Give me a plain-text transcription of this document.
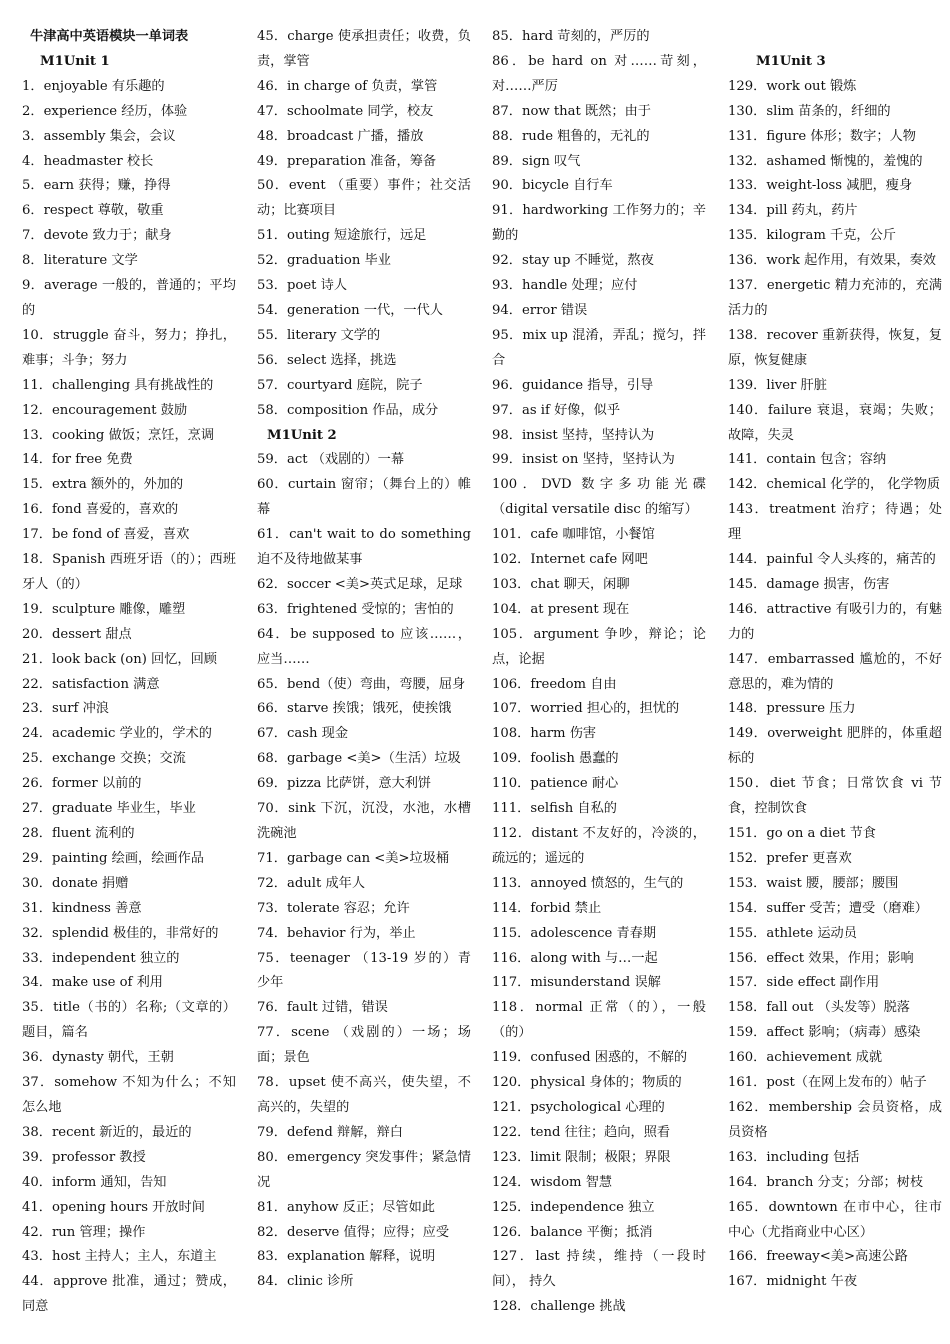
牛津高中英语模块一单词表
M1Unit 1
1．enjoyable 有乐趣的
2．experience 经历，体验
3．assembly 集会，会议
4．headmaster 校长
5．earn 获得；赚，挣得
6．respect 尊敬，敬重
7．devote 致力于；献身
8．literature 文学
9．average 一般的，普通的；平均的
10．struggle 奋斗，努力；挣扎，难事；斗争；努力
11．challenging 具有挑战性的
12．encouragement 鼓励
13．cooking 做饭；烹饪，烹调
14．for free 免费
15．extra 额外的，外加的
16．fond 喜爱的，喜欢的
17．be fond of 喜爱，喜欢
18．Spanish 西班牙语（的）；西班牙人（的）
19．sculpture 雕像，雕塑
20．dessert 甜点
21．look back (on) 回忆，回顾
22．satisfaction 满意
23．surf 冲浪
24．academic 学业的，学术的
25．exchange 交换；交流
26．former 以前的
27．graduate 毕业生，毕业
28．fluent 流利的
29．painting 绘画，绘画作品
30．donate 捐赠
31．kindness 善意
32．splendid 极佳的，非常好的
33．independent 独立的
34．make use of 利用
35．title（书的）名称;（文章的）题目，篇名
36．dynasty 朝代，王朝
37．somehow 不知为什么；不知怎么地
38．recent 新近的，最近的
39．professor 教授
40．inform 通知，告知
41．opening hours 开放时间
42．run 管理；操作
43．host 主持人；主人，东道主
44．approve 批准，通过；赞成，同意
45．charge 使承担责任；收费，负责，掌管
46．in charge of 负责，掌管
47．schoolmate 同学，校友
48．broadcast 广播，播放
49．preparation 准备，筹备
50．event （重要）事件；社交活动；比赛项目
51．outing 短途旅行，远足
52．graduation 毕业
53．poet 诗人
54．generation 一代，一代人
55．literary 文学的
56．select 选择，挑选
57．courtyard 庭院，院子
58．composition 作品，成分
M1Unit 2
59．act （戏剧的）一幕
60．curtain 窗帘；（舞台上的）帷幕
61．can't wait to do something 迫不及待地做某事
62．soccer <美>英式足球，足球
63．frightened 受惊的；害怕的
64．be supposed to 应该……，应当……
65．bend（使）弯曲，弯腰，屈身
66．starve 挨饿；饿死，使挨饿
67．cash 现金
68．garbage <美>（生活）垃圾
69．pizza 比萨饼，意大利饼
70．sink 下沉，沉没，水池，水槽洗碗池
71．garbage can <美>垃圾桶
72．adult 成年人
73．tolerate 容忍；允许
74．behavior 行为，举止
75．teenager （13-19 岁的）青少年
76．fault 过错，错误
77．scene （戏剧的）一场；场面；景色
78．upset 使不高兴，使失望，不高兴的，失望的
79．defend 辩解，辩白
80．emergency 突发事件；紧急情况
81．anyhow 反正；尽管如此
82．deserve 值得；应得；应受
83．explanation 解释，说明
84．clinic 诊所
85．hard 苛刻的，严厉的
86．be hard on 对……苛刻，对……严厉
87．now that 既然；由于
88．rude 粗鲁的，无礼的
89．sign 叹气
90．bicycle 自行车
91．hardworking 工作努力的；辛勤的
92．stay up 不睡觉，熬夜
93．handle 处理；应付
94．error 错误
95．mix up 混淆，弄乱；搅匀，拌合
96．guidance 指导，引导
97．as if 好像，似乎
98．insist 坚持，坚持认为
99．insist on 坚持，坚持认为
100．DVD 数字多功能光碟（digital versatile disc 的缩写）
101．cafe 咖啡馆，小餐馆
102．Internet cafe 网吧
103．chat 聊天，闲聊
104．at present 现在
105．argument 争吵，辩论；论点，论据
106．freedom 自由
107．worried 担心的，担忧的
108．harm 伤害
109．foolish 愚蠢的
110．patience 耐心
111．selfish 自私的
112．distant 不友好的，冷淡的，疏远的；遥远的
113．annoyed 愤怒的，生气的
114．forbid 禁止
115．adolescence 青春期
116．along with 与…一起
117．misunderstand 误解
118．normal 正常（的），一般（的）
119．confused 困惑的，不解的
120．physical 身体的；物质的
121．psychological 心理的
122．tend 往往；趋向，照看
123．limit 限制；极限；界限
124．wisdom 智慧
125．independence 独立
126．balance 平衡；抵消
127．last 持续，维持（一段时间）， 持久
128．challenge 挑战

M1Unit 3
129．work out 锻炼
130．slim 苗条的，纤细的
131．figure 体形；数字；人物
132．ashamed 惭愧的，羞愧的
133．weight-loss 减肥，瘦身
134．pill 药丸，药片
135．kilogram 千克，公斤
136．work 起作用，有效果，奏效
137．energetic 精力充沛的，充满活力的
138．recover 重新获得，恢复，复原，恢复健康
139．liver 肝脏
140．failure 衰退，衰竭；失败；故障，失灵
141．contain 包含；容纳
142．chemical 化学的， 化学物质
143．treatment 治疗；待遇；处理
144．painful 令人头疼的，痛苦的
145．damage 损害，伤害
146．attractive 有吸引力的，有魅力的
147．embarrassed 尴尬的，不好意思的，难为情的
148．pressure 压力
149．overweight 肥胖的，体重超标的
150．diet 节食；日常饮食 vi 节食，控制饮食
151．go on a diet 节食
152．prefer 更喜欢
153．waist 腰，腰部；腰围
154．suffer 受苦；遭受（磨难）
155．athlete 运动员
156．effect 效果，作用；影响
157．side effect 副作用
158．fall out （头发等）脱落
159．affect 影响；（病毒）感染
160．achievement 成就
161．post（在网上发布的）帖子
162．membership 会员资格，成员资格
163．including 包括
164．branch 分支；分部；树枝
165．downtown 在市中心，往市中心（尤指商业中心区）
166．freeway<美>高速公路
167．midnight 午夜
